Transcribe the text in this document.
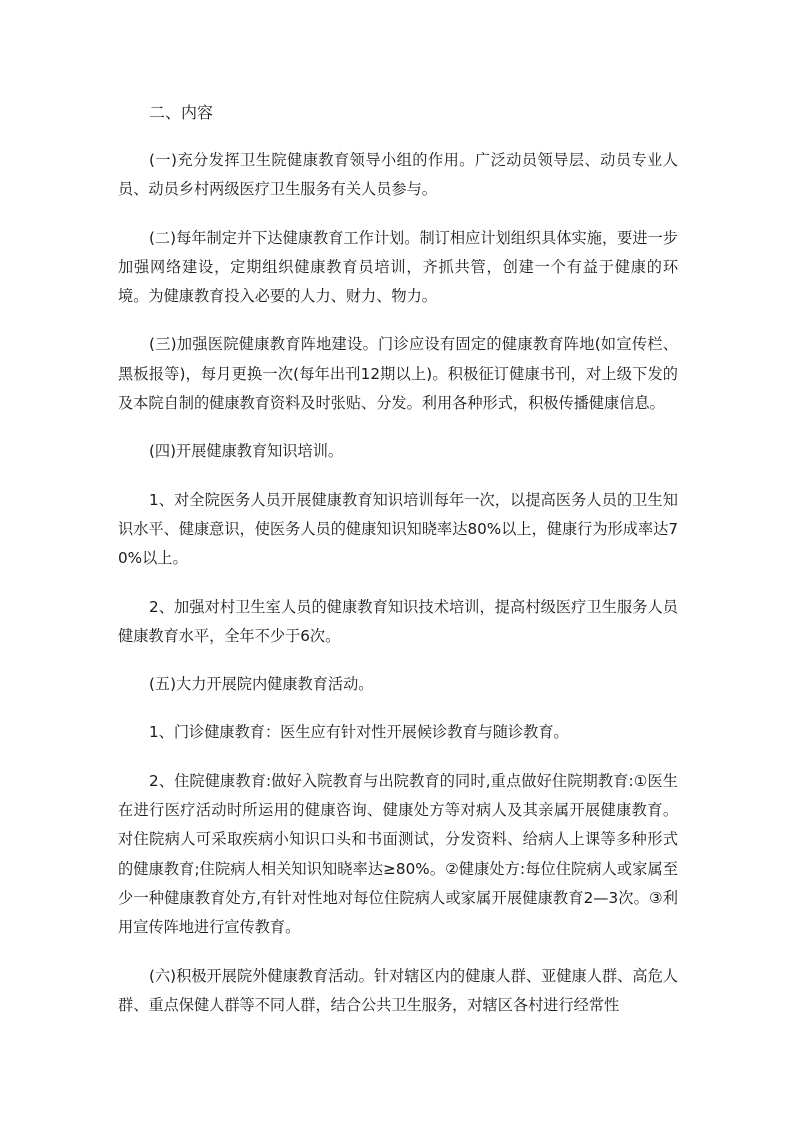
二、内容

(一)充分发挥卫生院健康教育领导小组的作用。广泛动员领导层、动员专业人员、动员乡村两级医疗卫生服务有关人员参与。

(二)每年制定并下达健康教育工作计划。制订相应计划组织具体实施，要进一步加强网络建设，定期组织健康教育员培训，齐抓共管，创建一个有益于健康的环境。为健康教育投入必要的人力、财力、物力。

(三)加强医院健康教育阵地建设。门诊应设有固定的健康教育阵地(如宣传栏、黑板报等)，每月更换一次(每年出刊12期以上)。积极征订健康书刊，对上级下发的及本院自制的健康教育资料及时张贴、分发。利用各种形式，积极传播健康信息。

(四)开展健康教育知识培训。

1、对全院医务人员开展健康教育知识培训每年一次，以提高医务人员的卫生知识水平、健康意识，使医务人员的健康知识知晓率达80%以上，健康行为形成率达70%以上。

2、加强对村卫生室人员的健康教育知识技术培训，提高村级医疗卫生服务人员健康教育水平，全年不少于6次。

(五)大力开展院内健康教育活动。

1、门诊健康教育：医生应有针对性开展候诊教育与随诊教育。

2、住院健康教育:做好入院教育与出院教育的同时,重点做好住院期教育:①医生在进行医疗活动时所运用的健康咨询、健康处方等对病人及其亲属开展健康教育。对住院病人可采取疾病小知识口头和书面测试，分发资料、给病人上课等多种形式的健康教育;住院病人相关知识知晓率达≥80%。②健康处方:每位住院病人或家属至少一种健康教育处方,有针对性地对每位住院病人或家属开展健康教育2—3次。③利用宣传阵地进行宣传教育。

(六)积极开展院外健康教育活动。针对辖区内的健康人群、亚健康人群、高危人群、重点保健人群等不同人群，结合公共卫生服务，对辖区各村进行经常性
